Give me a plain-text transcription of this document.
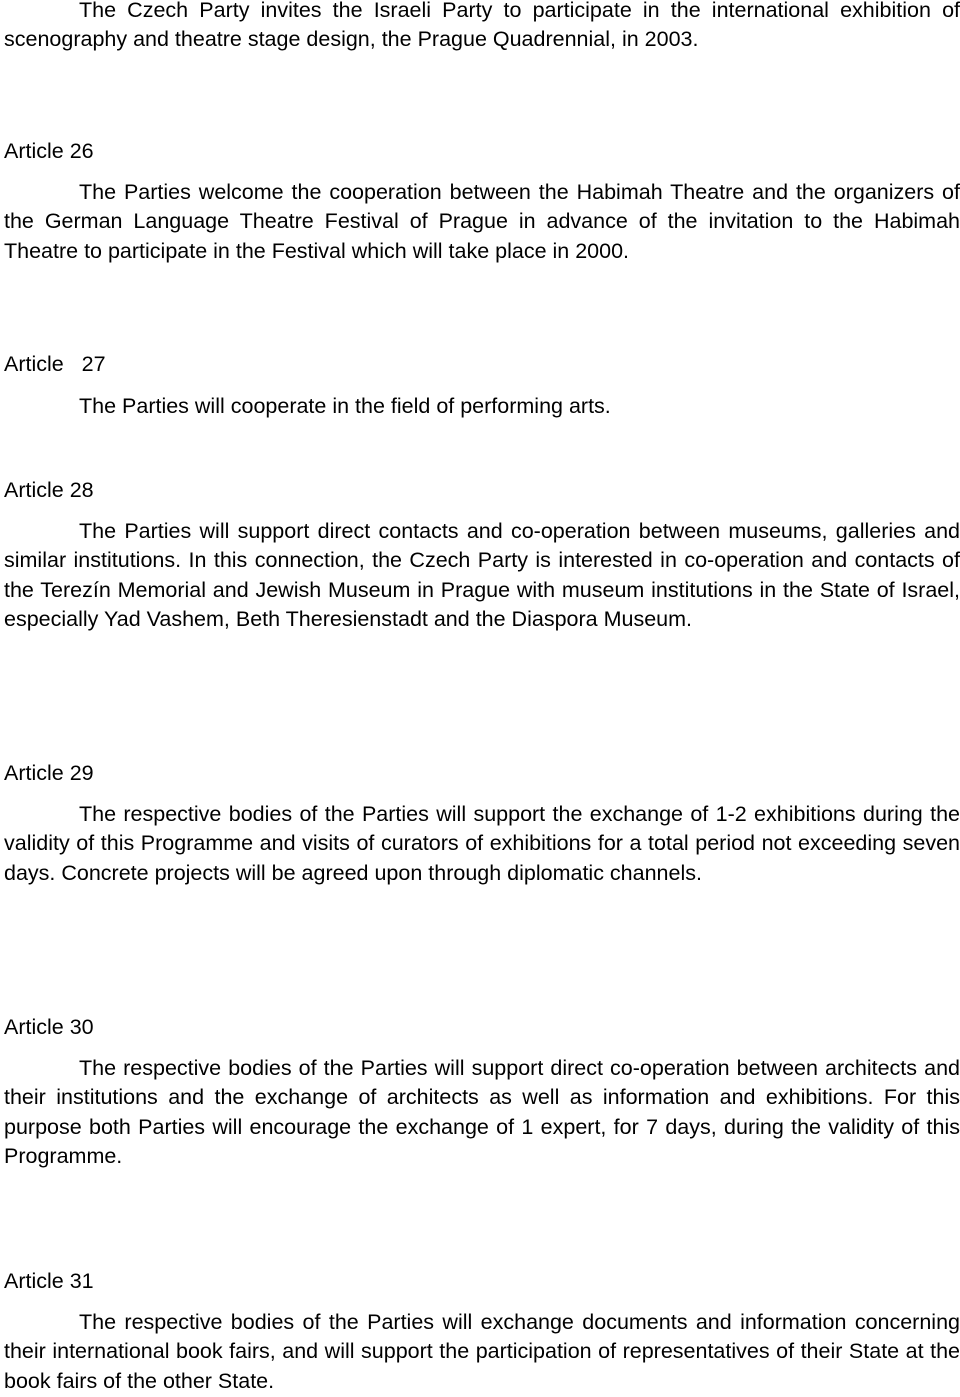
The Czech Party invites the Israeli Party to participate in the international exhibition of scenography and theatre stage design, the Prague Quadrennial, in 2003.

Article 26

The Parties welcome the cooperation between the Habimah Theatre and the organizers of the German Language Theatre Festival of Prague in advance of the invitation to the Habimah Theatre to participate in the Festival which will take place in 2000.

Article   27

The Parties will cooperate in the field of performing arts.

Article 28

The Parties will support direct contacts and co-operation between museums, galleries and similar institutions. In this connection, the Czech Party is interested in co-operation and contacts of the Terezín Memorial and Jewish Museum in Prague with museum institutions in the State of Israel, especially Yad Vashem, Beth Theresienstadt and the Diaspora Museum.

Article 29

The respective bodies of the Parties will support the exchange of 1-2 exhibitions during the validity of this Programme and visits of curators of exhibitions for a total period not exceeding seven days. Concrete projects will be agreed upon through diplomatic channels.

Article 30

The respective bodies of the Parties will support direct co-operation between architects and their institutions and the exchange of architects as well as information and exhibitions. For this purpose both Parties will encourage the exchange of 1 expert, for 7 days, during the validity of this Programme.

Article 31

The respective bodies of the Parties will exchange documents and information concerning their international book fairs, and will support the participation of representatives of their State at the book fairs of the other State.
